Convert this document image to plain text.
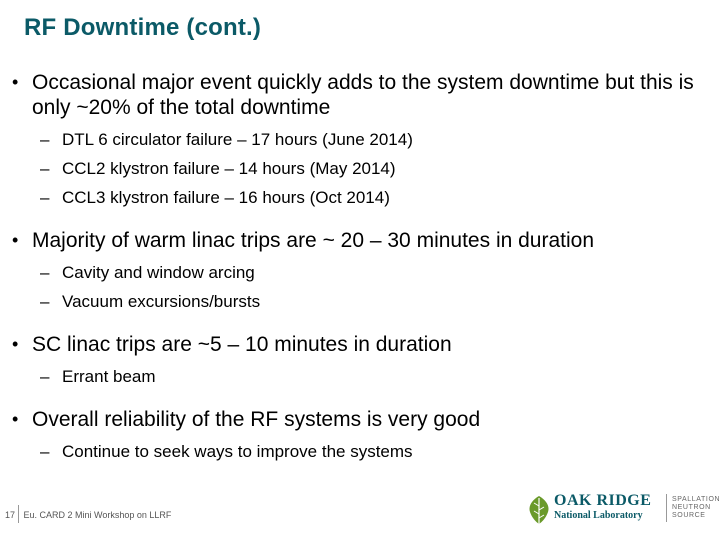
RF Downtime (cont.)
• Occasional major event quickly adds to the system downtime but this is only ~20% of the total downtime
– DTL 6 circulator failure – 17 hours (June 2014)
– CCL2 klystron failure – 14 hours (May 2014)
– CCL3 klystron failure – 16 hours (Oct 2014)
• Majority of warm linac trips are ~ 20 – 30 minutes in duration
– Cavity and window arcing
– Vacuum excursions/bursts
• SC linac trips are ~5 – 10 minutes in duration
– Errant beam
• Overall reliability of the RF systems is very good
– Continue to seek ways to improve the systems
17 Eu. CARD 2 Mini Workshop on LLRF
OAK RIDGE
National Laboratory
SPALLATION
NEUTRON
SOURCE
